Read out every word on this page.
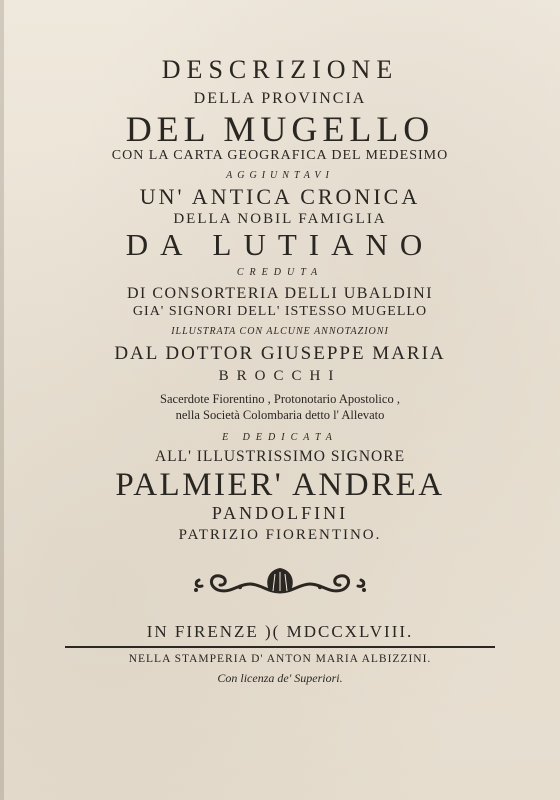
DESCRIZIONE
DELLA PROVINCIA
DEL MUGELLO
CON LA CARTA GEOGRAFICA DEL MEDESIMO
AGGIUNTAVI
UN' ANTICA CRONICA
DELLA NOBIL FAMIGLIA
DA LUTIANO
CREDUTA
DI CONSORTERIA DELLI UBALDINI
GIA' SIGNORI DELL' ISTESSO MUGELLO
ILLUSTRATA CON ALCUNE ANNOTAZIONI
DAL DOTTOR GIUSEPPE MARIA
BROCCHI
Sacerdote Fiorentino , Protonotario Apostolico ,
nella Società Colombaria detto l' Allevato
E DEDICATA
ALL' ILLUSTRISSIMO SIGNORE
PALMIER' ANDREA
PANDOLFINI
PATRIZIO FIORENTINO.
IN FIRENZE )( MDCCXLVIII.
NELLA STAMPERIA D' ANTON MARIA ALBIZZINI.
Con licenza de' Superiori.
